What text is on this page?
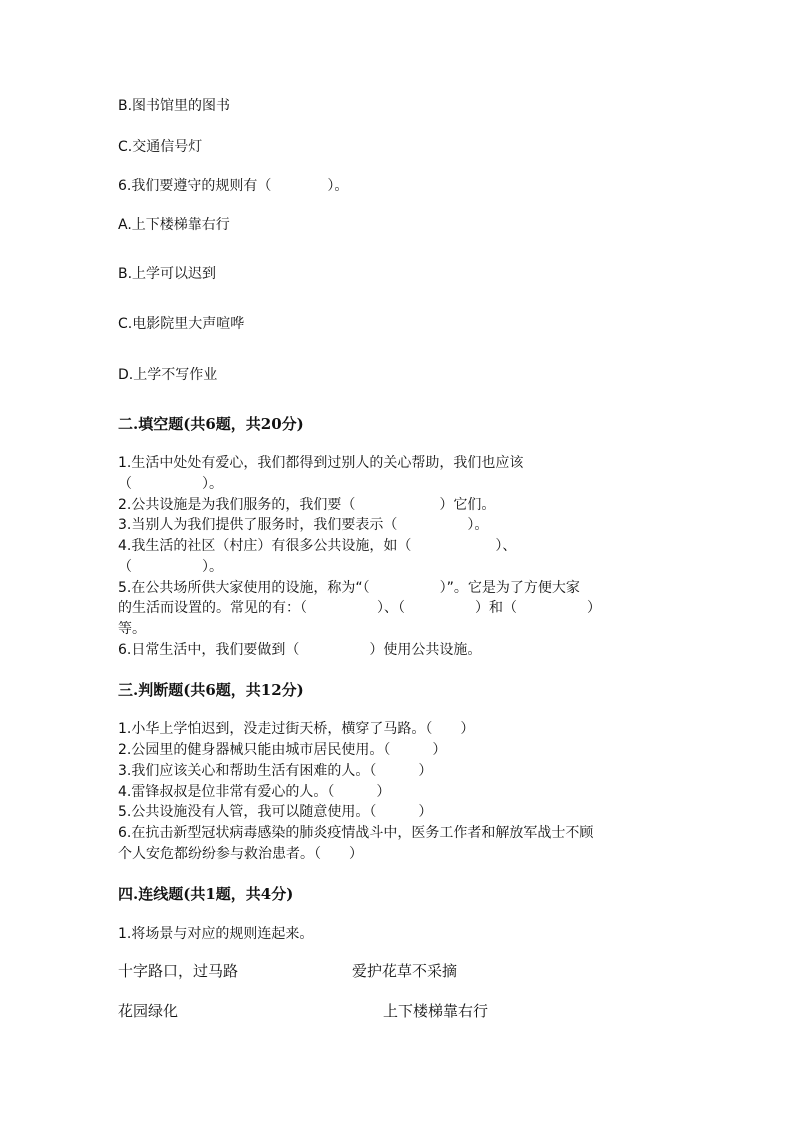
B.图书馆里的图书

C.交通信号灯

6.我们要遵守的规则有（　　　　）。

A.上下楼梯靠右行

B.上学可以迟到

C.电影院里大声喧哗

D.上学不写作业

二.填空题(共6题，共20分)

1.生活中处处有爱心，我们都得到过别人的关心帮助，我们也应该

（　　　　　）。

2.公共设施是为我们服务的，我们要（　　　　　　）它们。

3.当别人为我们提供了服务时，我们要表示（　　　　　）。

4.我生活的社区（村庄）有很多公共设施，如（　　　　　　）、

（　　　　　）。

5.在公共场所供大家使用的设施，称为“（　　　　　）”。它是为了方便大家

的生活而设置的。常见的有：（　　　　　）、（　　　　　）和（　　　　　）

等。

6.日常生活中，我们要做到（　　　　　）使用公共设施。

三.判断题(共6题，共12分)

1.小华上学怕迟到，没走过街天桥，横穿了马路。（　　）

2.公园里的健身器械只能由城市居民使用。（　　　）

3.我们应该关心和帮助生活有困难的人。（　　　）

4.雷锋叔叔是位非常有爱心的人。（　　　）

5.公共设施没有人管，我可以随意使用。（　　　）

6.在抗击新型冠状病毒感染的肺炎疫情战斗中，医务工作者和解放军战士不顾

个人安危都纷纷参与救治患者。（　　）

四.连线题(共1题，共4分)

1.将场景与对应的规则连起来。

十字路口，过马路	爱护花草不采摘

花园绿化	上下楼梯靠右行
